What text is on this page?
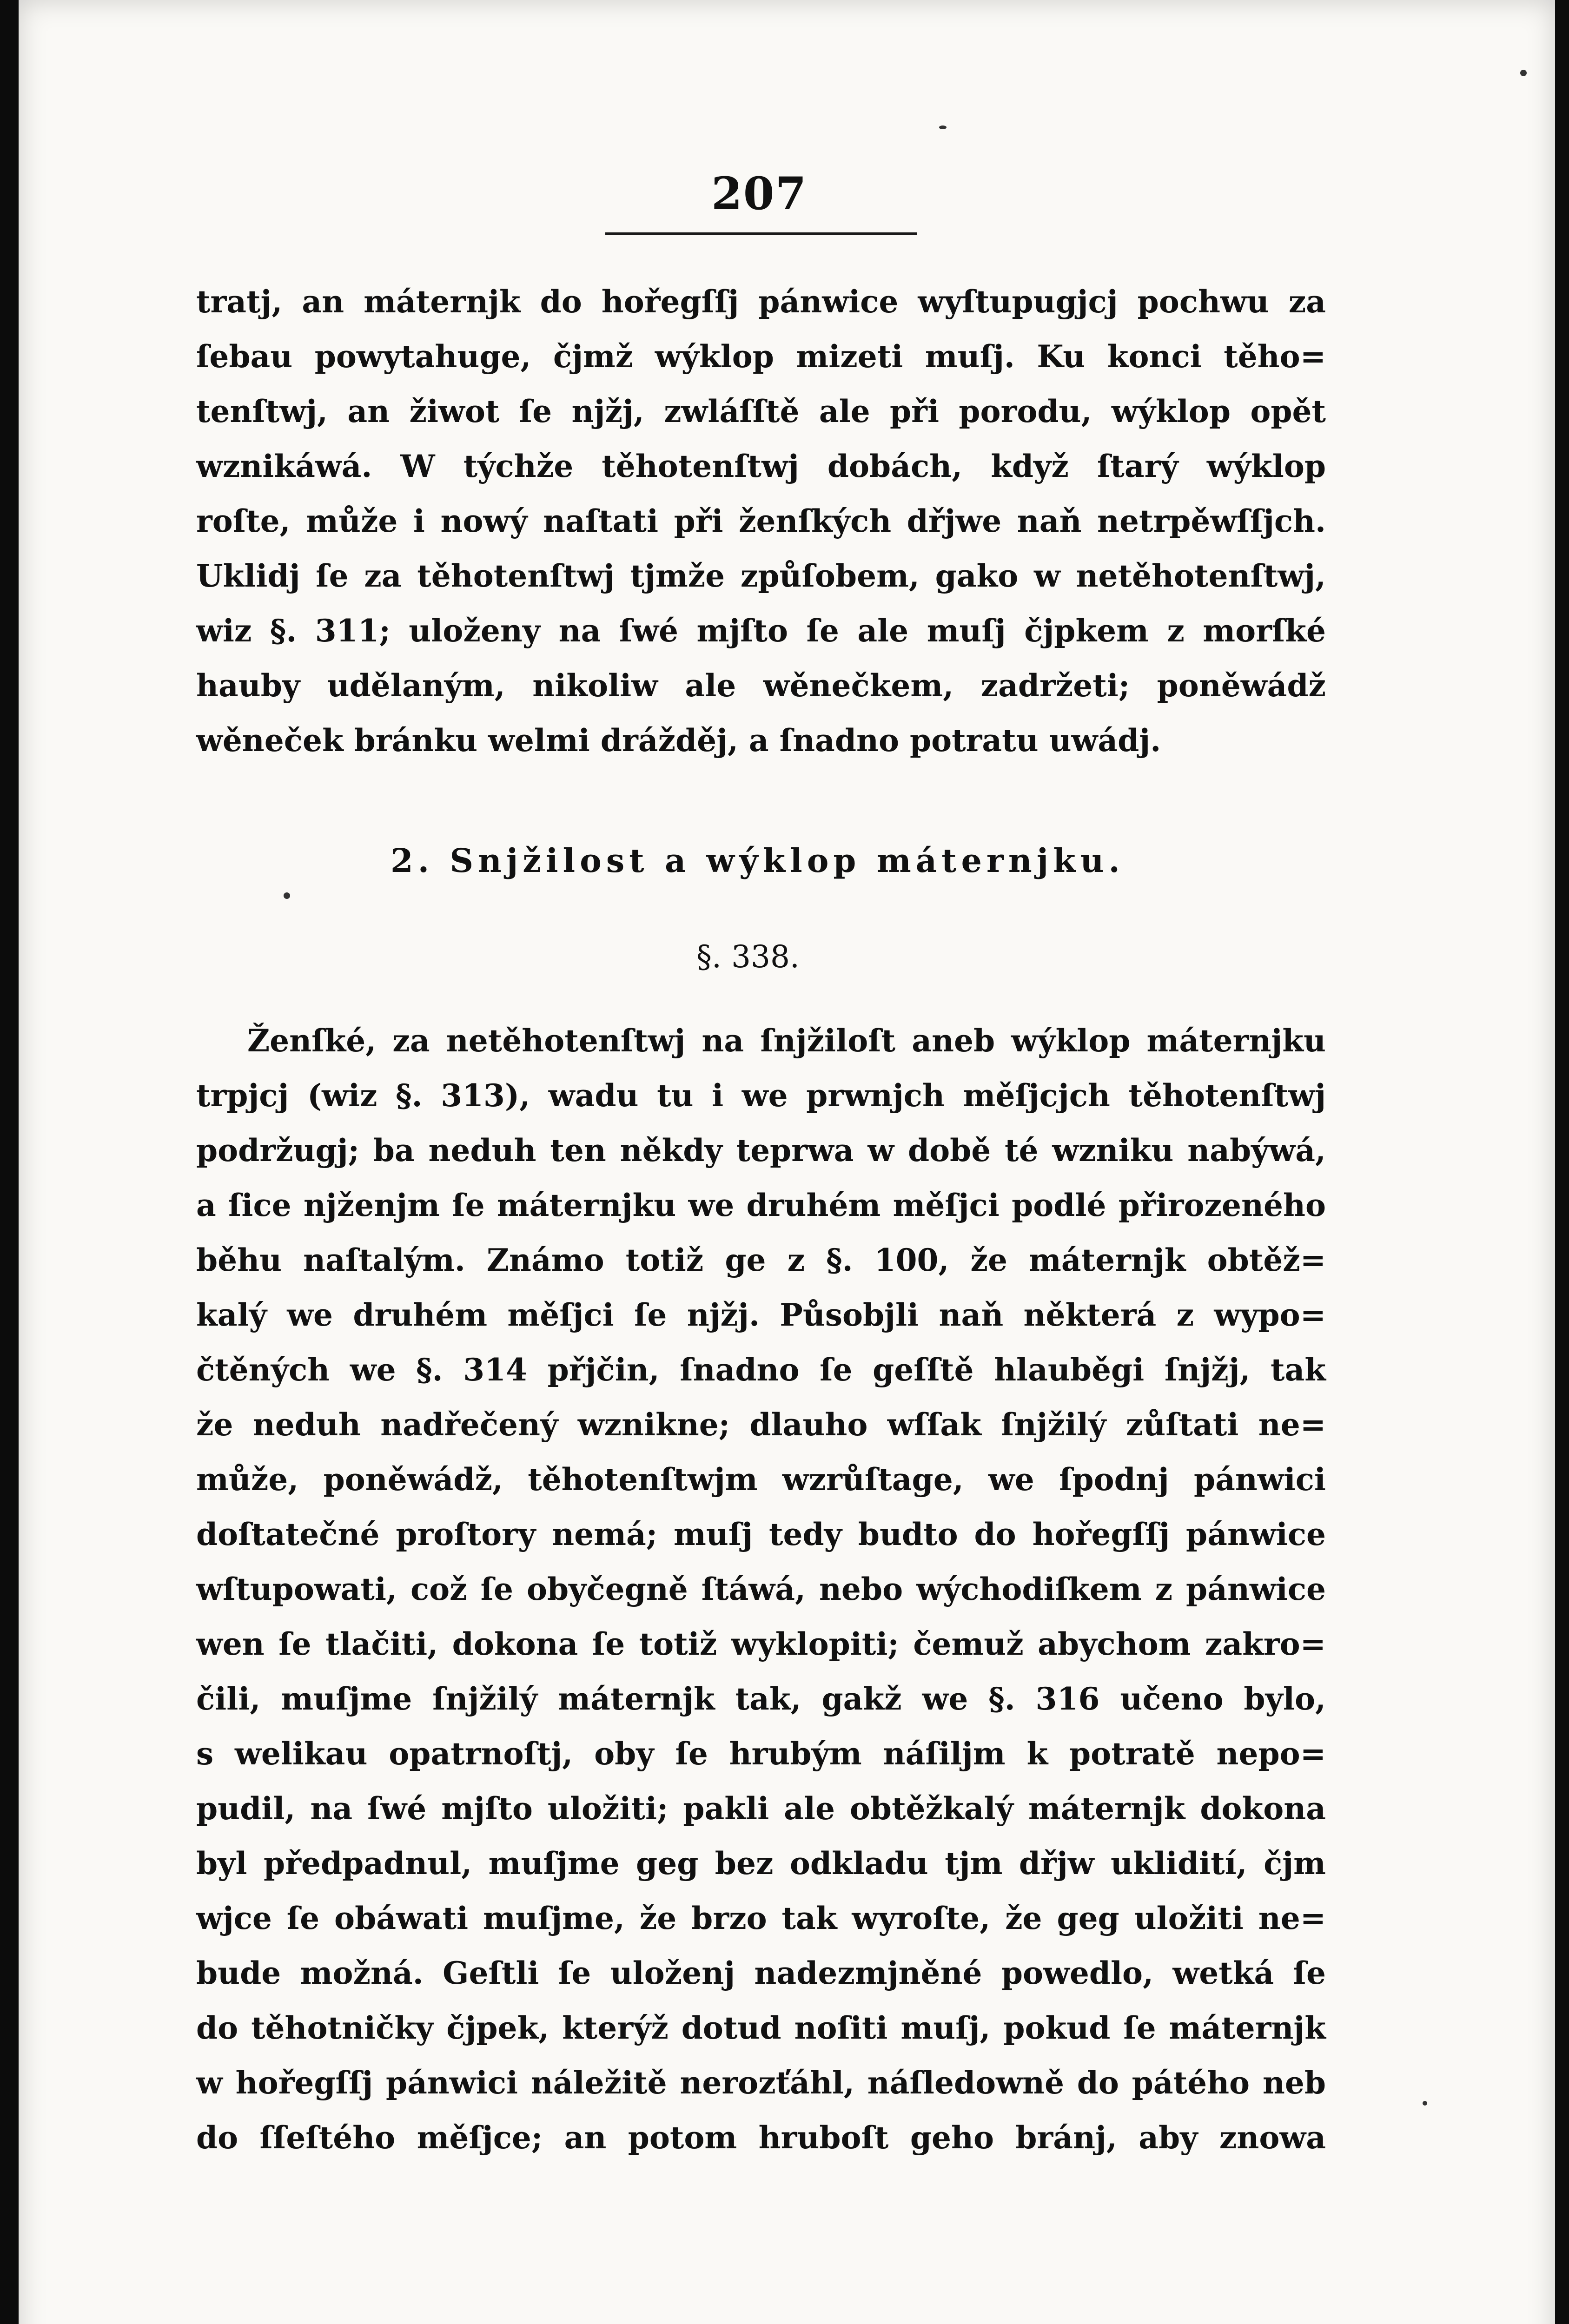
207
tratj, an máternjk do hořegſſj pánwice wyſtupugjcj pochwu za
ſebau powytahuge, čjmž wýklop mizeti muſj. Ku konci těho=
tenſtwj, an žiwot ſe njžj, zwláſſtě ale při porodu, wýklop opět
wznikáwá. W týchže těhotenſtwj dobách, když ſtarý wýklop
roſte, může i nowý naſtati při ženſkých dřjwe naň netrpěwſſjch.
Uklidj ſe za těhotenſtwj tjmže způſobem, gako w netěhotenſtwj,
wiz §. 311; uloženy na ſwé mjſto ſe ale muſj čjpkem z morſké
hauby udělaným, nikoliw ale wěnečkem, zadržeti; poněwádž
wěneček bránku welmi drážděj, a ſnadno potratu uwádj.
2. Snjžilost a wýklop máternjku.
§. 338.
Ženſké, za netěhotenſtwj na ſnjžiloſt aneb wýklop máternjku
trpjcj (wiz §. 313), wadu tu i we prwnjch měſjcjch těhotenſtwj
podržugj; ba neduh ten někdy teprwa w době té wzniku nabýwá,
a ſice njženjm ſe máternjku we druhém měſjci podlé přirozeného
běhu naſtalým. Známo totiž ge z §. 100, že máternjk obtěž=
kalý we druhém měſjci ſe njžj. Působjli naň některá z wypo=
čtěných we §. 314 přjčin, ſnadno ſe geſſtě hlauběgi ſnjžj, tak
že neduh nadřečený wznikne; dlauho wſſak ſnjžilý zůſtati ne=
může, poněwádž, těhotenſtwjm wzrůſtage, we ſpodnj pánwici
doſtatečné proſtory nemá; muſj tedy budto do hořegſſj pánwice
wſtupowati, což ſe obyčegně ſtáwá, nebo wýchodiſkem z pánwice
wen ſe tlačiti, dokona ſe totiž wyklopiti; čemuž abychom zakro=
čili, muſjme ſnjžilý máternjk tak, gakž we §. 316 učeno bylo,
s welikau opatrnoſtj, oby ſe hrubým náſiljm k potratě nepo=
pudil, na ſwé mjſto uložiti; pakli ale obtěžkalý máternjk dokona
byl předpadnul, muſjme geg bez odkladu tjm dřjw uklidití, čjm
wjce ſe obáwati muſjme, že brzo tak wyroſte, že geg uložiti ne=
bude možná. Geſtli ſe uloženj nadezmjněné powedlo, wetká ſe
do těhotničky čjpek, kterýž dotud noſiti muſj, pokud ſe máternjk
w hořegſſj pánwici náležitě nerozťáhl, náſledowně do pátého neb
do ſſeſtého měſjce; an potom hruboſt geho bránj, aby znowa
